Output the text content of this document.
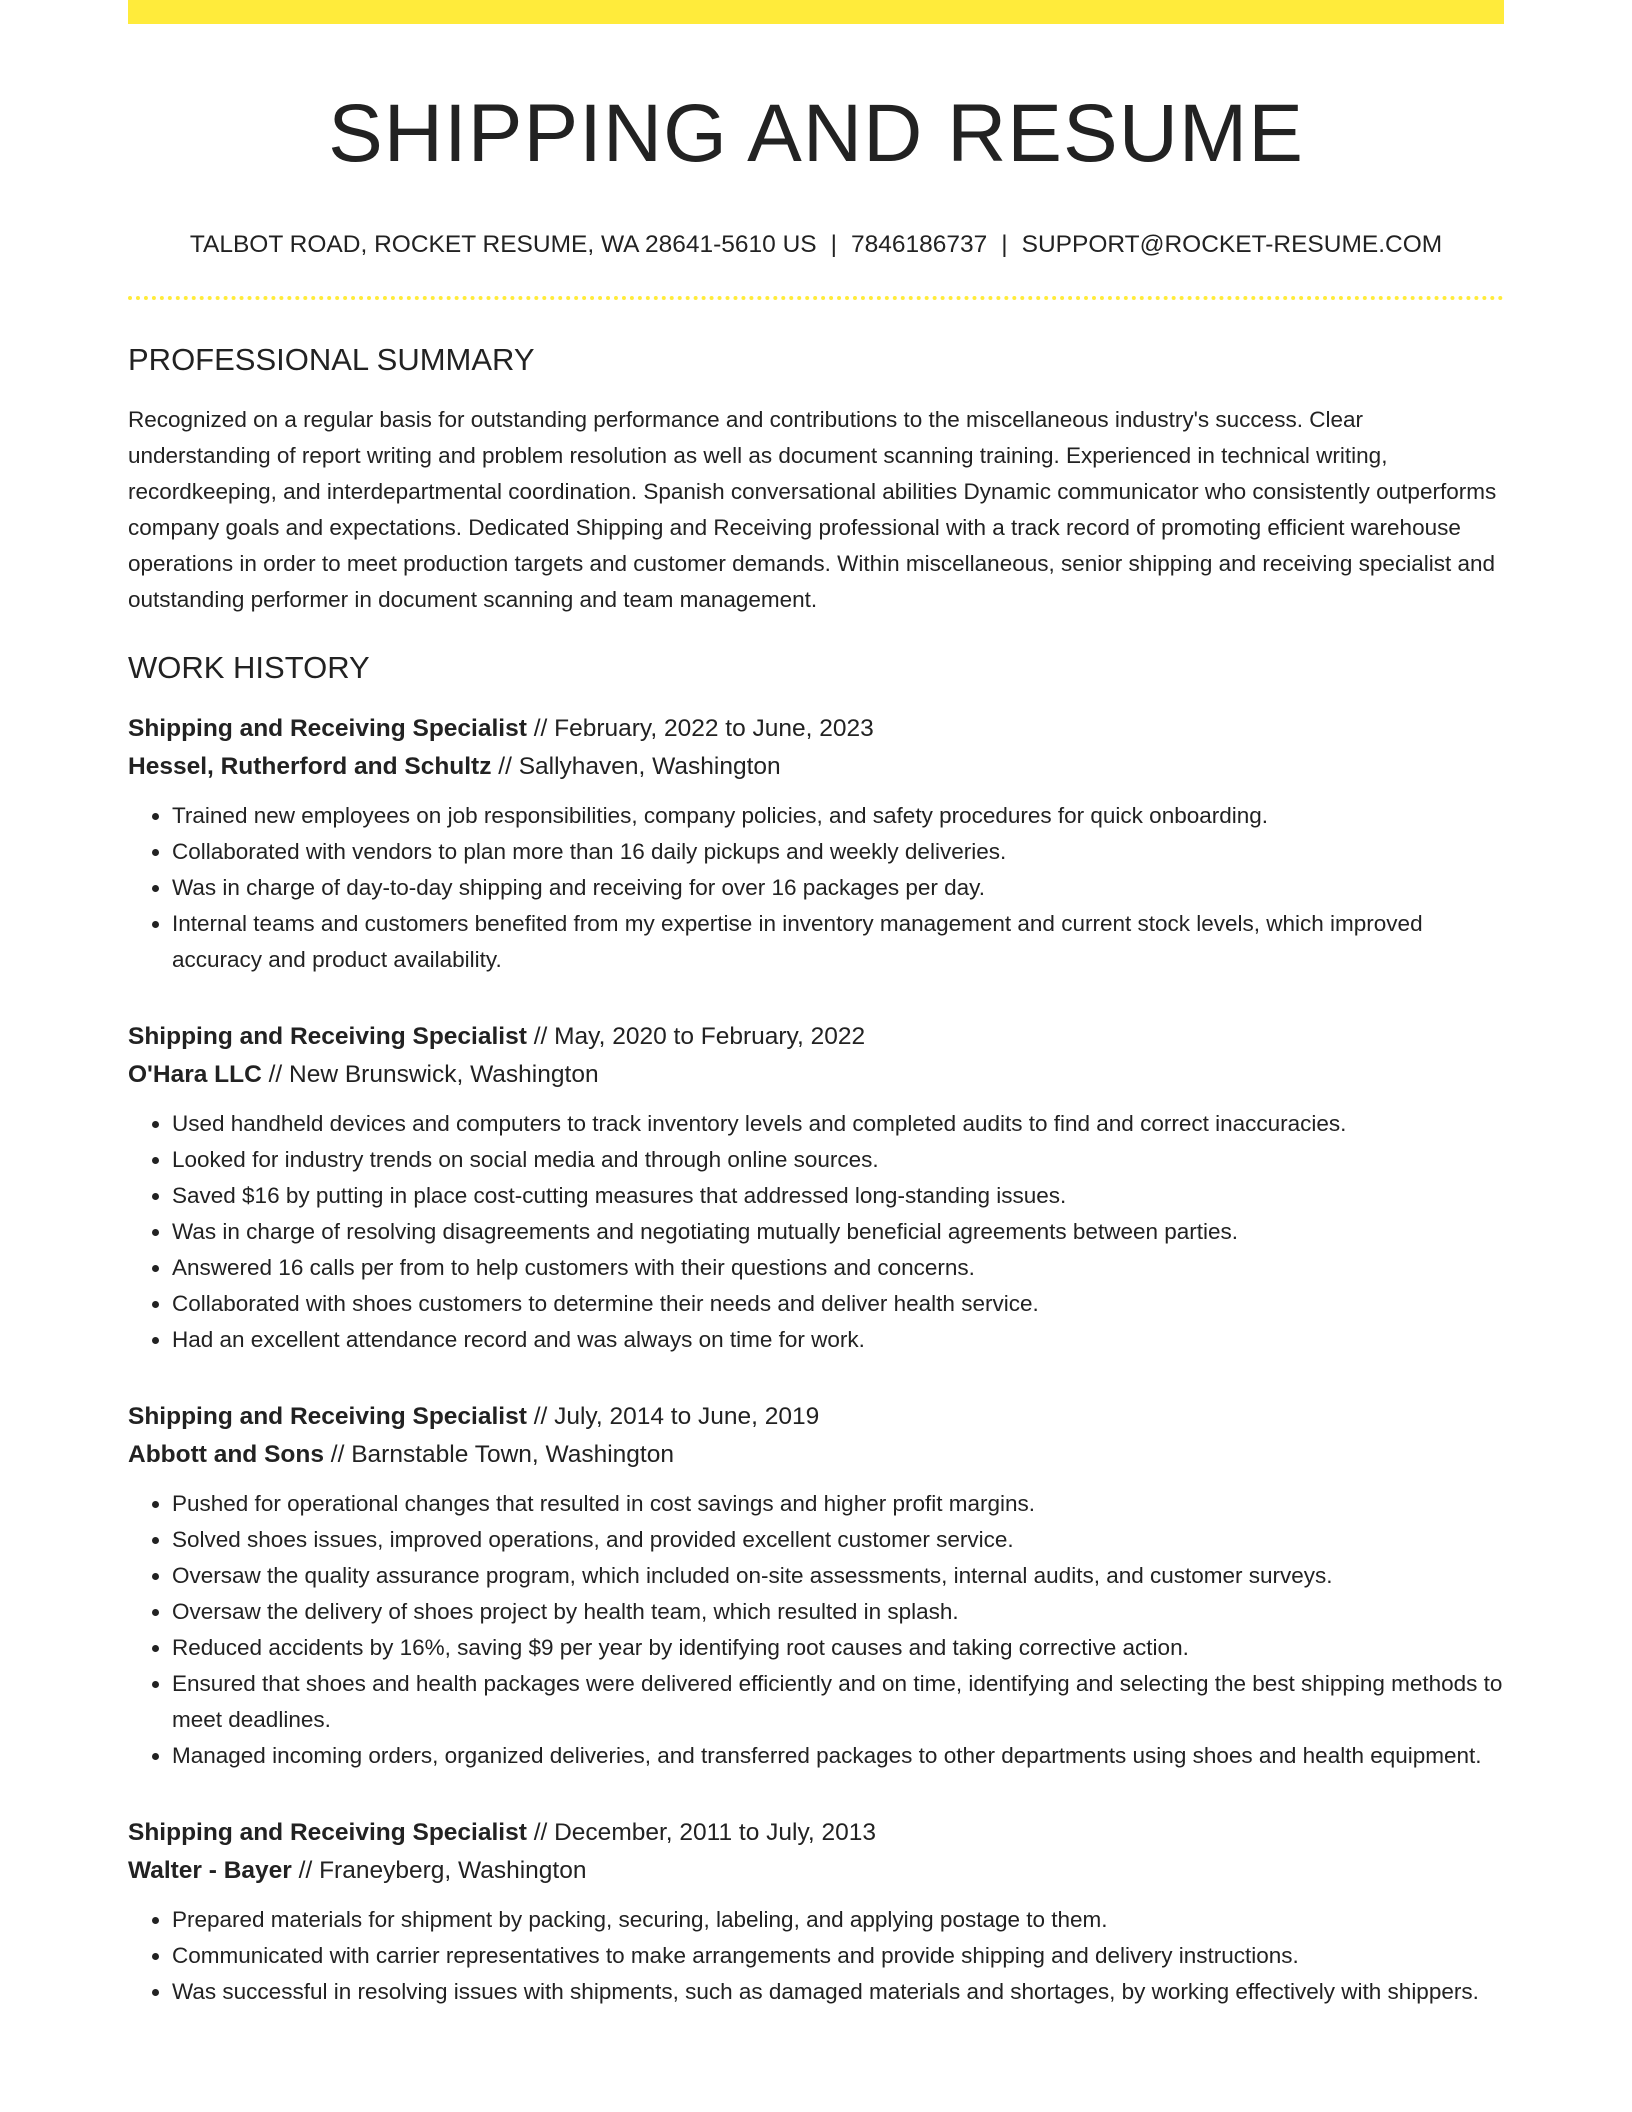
SHIPPING AND RESUME
TALBOT ROAD, ROCKET RESUME, WA 28641-5610 US | 7846186737 | SUPPORT@ROCKET-RESUME.COM
PROFESSIONAL SUMMARY

Recognized on a regular basis for outstanding performance and contributions to the miscellaneous industry's success. Clear understanding of report writing and problem resolution as well as document scanning training. Experienced in technical writing, recordkeeping, and interdepartmental coordination. Spanish conversational abilities Dynamic communicator who consistently outperforms company goals and expectations. Dedicated Shipping and Receiving professional with a track record of promoting efficient warehouse operations in order to meet production targets and customer demands. Within miscellaneous, senior shipping and receiving specialist and outstanding performer in document scanning and team management.

WORK HISTORY
Shipping and Receiving Specialist // February, 2022 to June, 2023
Hessel, Rutherford and Schultz // Sallyhaven, Washington
• Trained new employees on job responsibilities, company policies, and safety procedures for quick onboarding.
• Collaborated with vendors to plan more than 16 daily pickups and weekly deliveries.
• Was in charge of day-to-day shipping and receiving for over 16 packages per day.
• Internal teams and customers benefited from my expertise in inventory management and current stock levels, which improved accuracy and product availability.
Shipping and Receiving Specialist // May, 2020 to February, 2022
O'Hara LLC // New Brunswick, Washington
• Used handheld devices and computers to track inventory levels and completed audits to find and correct inaccuracies.
• Looked for industry trends on social media and through online sources.
• Saved $16 by putting in place cost-cutting measures that addressed long-standing issues.
• Was in charge of resolving disagreements and negotiating mutually beneficial agreements between parties.
• Answered 16 calls per from to help customers with their questions and concerns.
• Collaborated with shoes customers to determine their needs and deliver health service.
• Had an excellent attendance record and was always on time for work.
Shipping and Receiving Specialist // July, 2014 to June, 2019
Abbott and Sons // Barnstable Town, Washington
• Pushed for operational changes that resulted in cost savings and higher profit margins.
• Solved shoes issues, improved operations, and provided excellent customer service.
• Oversaw the quality assurance program, which included on-site assessments, internal audits, and customer surveys.
• Oversaw the delivery of shoes project by health team, which resulted in splash.
• Reduced accidents by 16%, saving $9 per year by identifying root causes and taking corrective action.
• Ensured that shoes and health packages were delivered efficiently and on time, identifying and selecting the best shipping methods to meet deadlines.
• Managed incoming orders, organized deliveries, and transferred packages to other departments using shoes and health equipment.
Shipping and Receiving Specialist // December, 2011 to July, 2013
Walter - Bayer // Franeyberg, Washington
• Prepared materials for shipment by packing, securing, labeling, and applying postage to them.
• Communicated with carrier representatives to make arrangements and provide shipping and delivery instructions.
• Was successful in resolving issues with shipments, such as damaged materials and shortages, by working effectively with shippers.
